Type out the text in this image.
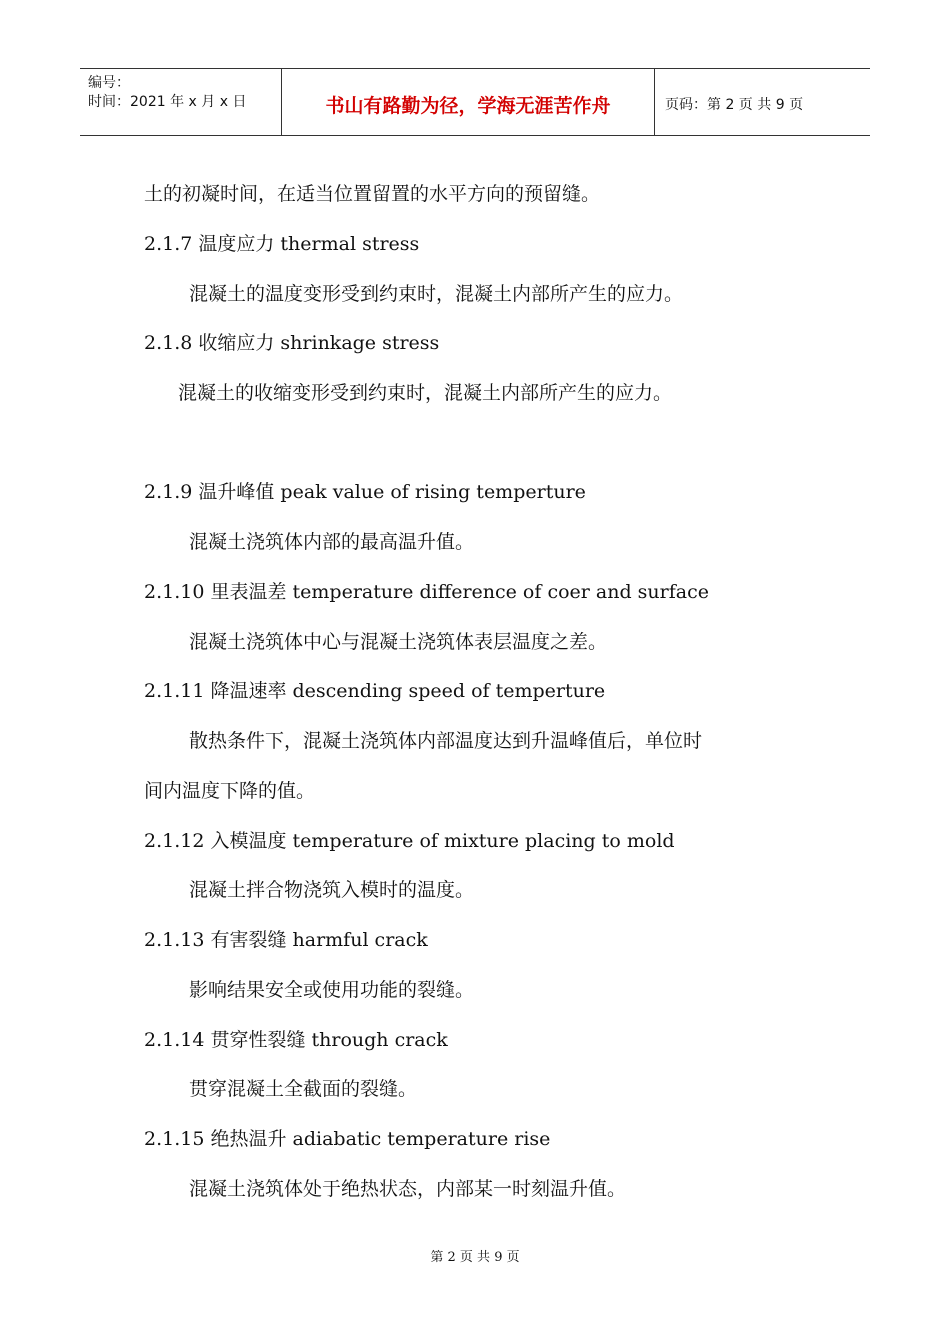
编号：
时间：2021 年 x 月 x 日	书山有路勤为径，学海无涯苦作舟	页码：第 2 页 共 9 页
土的初凝时间，在适当位置留置的水平方向的预留缝。
2.1.7 温度应力 thermal stress
混凝土的温度变形受到约束时，混凝土内部所产生的应力。
2.1.8 收缩应力 shrinkage stress
混凝土的收缩变形受到约束时，混凝土内部所产生的应力。
2.1.9 温升峰值 peak value of rising temperture
混凝土浇筑体内部的最高温升值。
2.1.10 里表温差 temperature difference of coer and surface
混凝土浇筑体中心与混凝土浇筑体表层温度之差。
2.1.11 降温速率 descending speed of temperture
散热条件下，混凝土浇筑体内部温度达到升温峰值后，单位时
间内温度下降的值。
2.1.12 入模温度 temperature of mixture placing to mold
混凝土拌合物浇筑入模时的温度。
2.1.13 有害裂缝 harmful crack
影响结果安全或使用功能的裂缝。
2.1.14 贯穿性裂缝 through crack
贯穿混凝土全截面的裂缝。
2.1.15 绝热温升 adiabatic temperature rise
混凝土浇筑体处于绝热状态，内部某一时刻温升值。
第 2 页 共 9 页
